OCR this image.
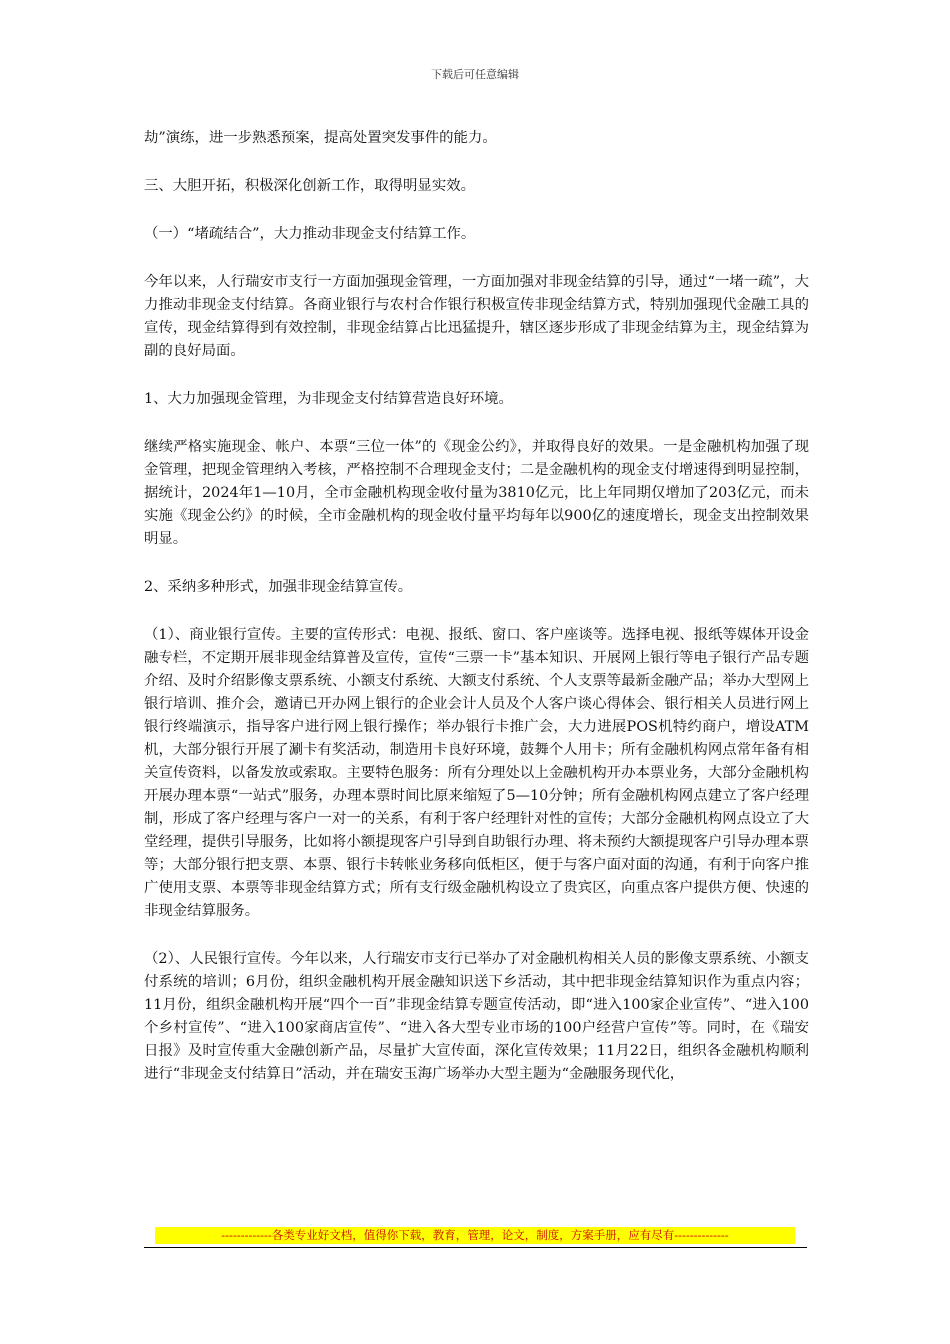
下载后可任意编辑

劫”演练，进一步熟悉预案，提高处置突发事件的能力。

三、大胆开拓，积极深化创新工作，取得明显实效。

（一）“堵疏结合”，大力推动非现金支付结算工作。

今年以来，人行瑞安市支行一方面加强现金管理，一方面加强对非现金结算的引导，通过“一堵一疏”，大力推动非现金支付结算。各商业银行与农村合作银行积极宣传非现金结算方式，特别加强现代金融工具的宣传，现金结算得到有效控制，非现金结算占比迅猛提升，辖区逐步形成了非现金结算为主，现金结算为副的良好局面。

1、大力加强现金管理，为非现金支付结算营造良好环境。

继续严格实施现金、帐户、本票“三位一体”的《现金公约》，并取得良好的效果。一是金融机构加强了现金管理，把现金管理纳入考核，严格控制不合理现金支付；二是金融机构的现金支付增速得到明显控制，据统计，2024年1—10月，全市金融机构现金收付量为3810亿元，比上年同期仅增加了203亿元，而未实施《现金公约》的时候，全市金融机构的现金收付量平均每年以900亿的速度增长，现金支出控制效果明显。

2、采纳多种形式，加强非现金结算宣传。

（1）、商业银行宣传。主要的宣传形式：电视、报纸、窗口、客户座谈等。选择电视、报纸等媒体开设金融专栏，不定期开展非现金结算普及宣传，宣传“三票一卡”基本知识、开展网上银行等电子银行产品专题介绍、及时介绍影像支票系统、小额支付系统、大额支付系统、个人支票等最新金融产品；举办大型网上银行培训、推介会，邀请已开办网上银行的企业会计人员及个人客户谈心得体会、银行相关人员进行网上银行终端演示，指导客户进行网上银行操作；举办银行卡推广会，大力进展POS机特约商户，增设ATM机，大部分银行开展了涮卡有奖活动，制造用卡良好环境，鼓舞个人用卡；所有金融机构网点常年备有相关宣传资料，以备发放或索取。主要特色服务：所有分理处以上金融机构开办本票业务，大部分金融机构开展办理本票“一站式”服务，办理本票时间比原来缩短了5—10分钟；所有金融机构网点建立了客户经理制，形成了客户经理与客户一对一的关系，有利于客户经理针对性的宣传；大部分金融机构网点设立了大堂经理，提供引导服务，比如将小额提现客户引导到自助银行办理、将未预约大额提现客户引导办理本票等；大部分银行把支票、本票、银行卡转帐业务移向低柜区，便于与客户面对面的沟通，有利于向客户推广使用支票、本票等非现金结算方式；所有支行级金融机构设立了贵宾区，向重点客户提供方便、快速的非现金结算服务。

（2）、人民银行宣传。今年以来，人行瑞安市支行已举办了对金融机构相关人员的影像支票系统、小额支付系统的培训；6月份，组织金融机构开展金融知识送下乡活动，其中把非现金结算知识作为重点内容；11月份，组织金融机构开展“四个一百”非现金结算专题宣传活动，即“进入100家企业宣传”、“进入100个乡村宣传”、“进入100家商店宣传”、“进入各大型专业市场的100户经营户宣传”等。同时，在《瑞安日报》及时宣传重大金融创新产品，尽量扩大宣传面，深化宣传效果；11月22日，组织各金融机构顺利进行“非现金支付结算日”活动，并在瑞安玉海广场举办大型主题为“金融服务现代化，

-------------各类专业好文档，值得你下载，教育，管理，论文，制度，方案手册，应有尽有--------------
